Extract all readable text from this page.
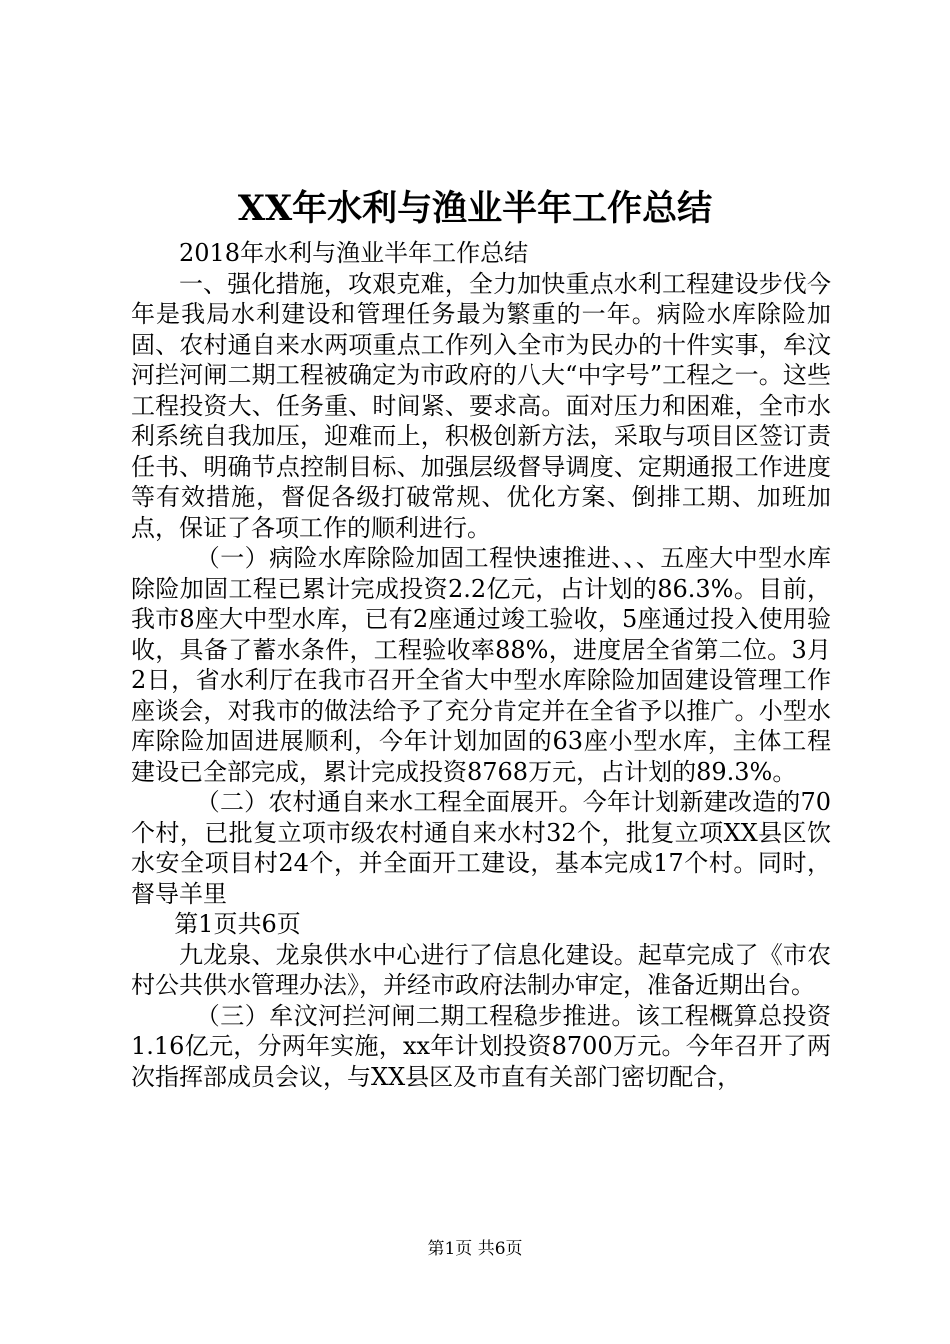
XX年水利与渔业半年工作总结

2018年水利与渔业半年工作总结

一、强化措施，攻艰克难，全力加快重点水利工程建设步伐今年是我局水利建设和管理任务最为繁重的一年。病险水库除险加固、农村通自来水两项重点工作列入全市为民办的十件实事，牟汶河拦河闸二期工程被确定为市政府的八大“中字号”工程之一。这些工程投资大、任务重、时间紧、要求高。面对压力和困难，全市水利系统自我加压，迎难而上，积极创新方法，采取与项目区签订责任书、明确节点控制目标、加强层级督导调度、定期通报工作进度等有效措施，督促各级打破常规、优化方案、倒排工期、加班加点，保证了各项工作的顺利进行。

（一）病险水库除险加固工程快速推进、、、五座大中型水库除险加固工程已累计完成投资2.2亿元，占计划的86.3%。目前，我市8座大中型水库，已有2座通过竣工验收，5座通过投入使用验收，具备了蓄水条件，工程验收率88%，进度居全省第二位。3月2日，省水利厅在我市召开全省大中型水库除险加固建设管理工作座谈会，对我市的做法给予了充分肯定并在全省予以推广。小型水库除险加固进展顺利，今年计划加固的63座小型水库，主体工程建设已全部完成，累计完成投资8768万元，占计划的89.3%。

（二）农村通自来水工程全面展开。今年计划新建改造的70个村，已批复立项市级农村通自来水村32个，批复立项XX县区饮水安全项目村24个，并全面开工建设，基本完成17个村。同时，督导羊里

第1页共6页

九龙泉、龙泉供水中心进行了信息化建设。起草完成了《市农村公共供水管理办法》，并经市政府法制办审定，准备近期出台。

（三）牟汶河拦河闸二期工程稳步推进。该工程概算总投资1.16亿元，分两年实施，xx年计划投资8700万元。今年召开了两次指挥部成员会议，与XX县区及市直有关部门密切配合，

第1页 共6页
